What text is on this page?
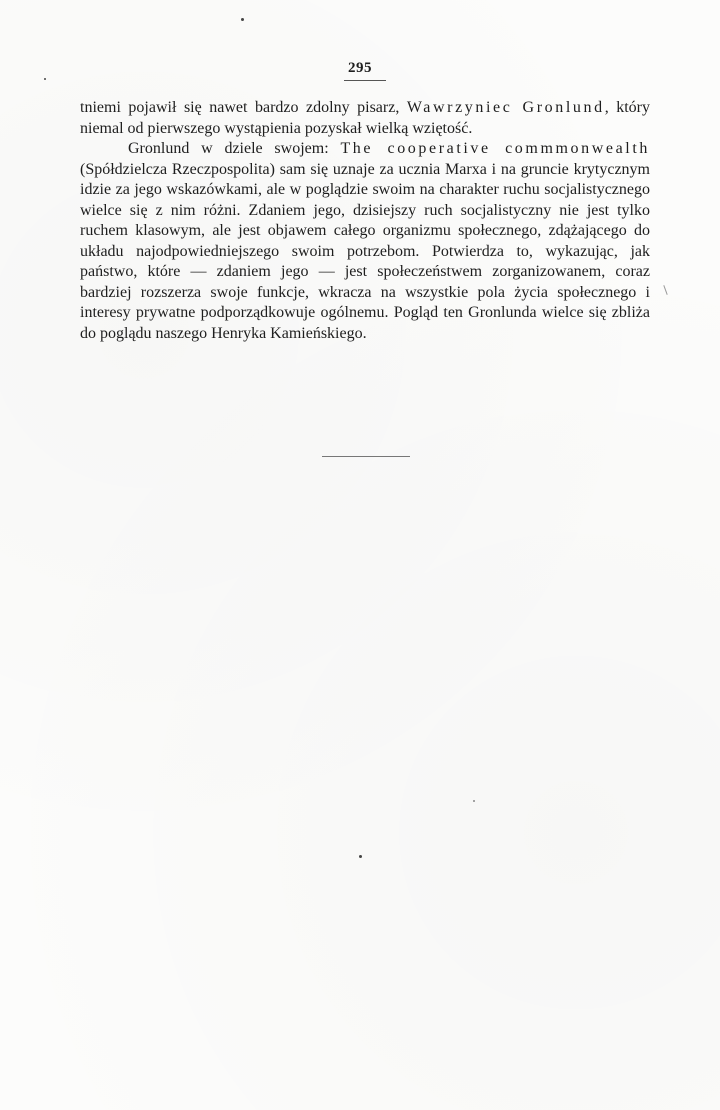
295

tniemi pojawił się nawet bardzo zdolny pisarz, Wawrzyniec Gronlund, który niemal od pierwszego wystąpienia pozyskał wielką wziętość.

Gronlund w dziele swojem: The cooperative commmonwealth (Spółdzielcza Rzeczpospolita) sam się uznaje za ucznia Marxa i na gruncie krytycznym idzie za jego wskazówkami, ale w poglądzie swoim na charakter ruchu socjalistycznego wielce się z nim różni. Zdaniem jego, dzisiejszy ruch socjalistyczny nie jest tylko ruchem klasowym, ale jest objawem całego organizmu społecznego, zdążającego do układu najodpowiedniejszego swoim potrzebom. Potwierdza to, wykazując, jak państwo, które — zdaniem jego — jest społeczeństwem zorganizowanem, coraz bardziej rozszerza swoje funkcje, wkracza na wszystkie pola życia społecznego i interesy prywatne podporządkowuje ogólnemu. Pogląd ten Gronlunda wielce się zbliża do poglądu naszego Henryka Kamieńskiego.
